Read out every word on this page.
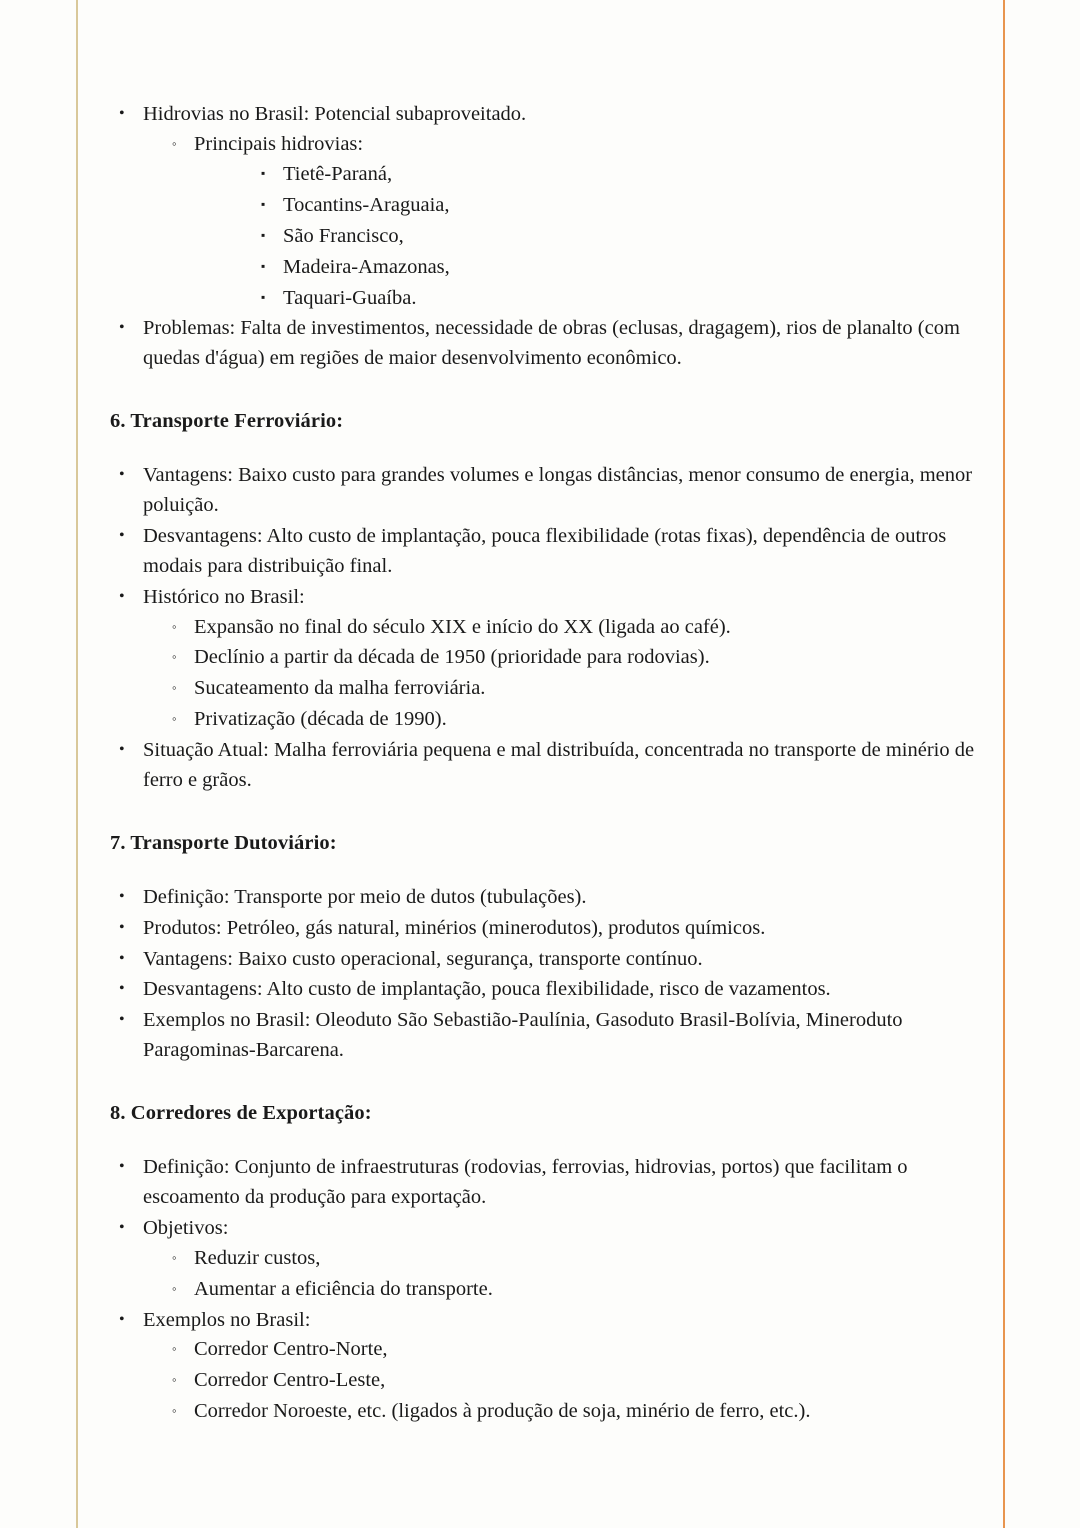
• Hidrovias no Brasil: Potencial subaproveitado.
◦ Principais hidrovias:
▪ Tietê-Paraná,
▪ Tocantins-Araguaia,
▪ São Francisco,
▪ Madeira-Amazonas,
▪ Taquari-Guaíba.
• Problemas: Falta de investimentos, necessidade de obras (eclusas, dragagem), rios de planalto (com quedas d'água) em regiões de maior desenvolvimento econômico.
6. Transporte Ferroviário:
• Vantagens: Baixo custo para grandes volumes e longas distâncias, menor consumo de energia, menor poluição.
• Desvantagens: Alto custo de implantação, pouca flexibilidade (rotas fixas), dependência de outros modais para distribuição final.
• Histórico no Brasil:
◦ Expansão no final do século XIX e início do XX (ligada ao café).
◦ Declínio a partir da década de 1950 (prioridade para rodovias).
◦ Sucateamento da malha ferroviária.
◦ Privatização (década de 1990).
• Situação Atual: Malha ferroviária pequena e mal distribuída, concentrada no transporte de minério de ferro e grãos.
7. Transporte Dutoviário:
• Definição: Transporte por meio de dutos (tubulações).
• Produtos: Petróleo, gás natural, minérios (minerodutos), produtos químicos.
• Vantagens: Baixo custo operacional, segurança, transporte contínuo.
• Desvantagens: Alto custo de implantação, pouca flexibilidade, risco de vazamentos.
• Exemplos no Brasil: Oleoduto São Sebastião-Paulínia, Gasoduto Brasil-Bolívia, Mineroduto Paragominas-Barcarena.
8. Corredores de Exportação:
• Definição: Conjunto de infraestruturas (rodovias, ferrovias, hidrovias, portos) que facilitam o escoamento da produção para exportação.
• Objetivos:
◦ Reduzir custos,
◦ Aumentar a eficiência do transporte.
• Exemplos no Brasil:
◦ Corredor Centro-Norte,
◦ Corredor Centro-Leste,
◦ Corredor Noroeste, etc. (ligados à produção de soja, minério de ferro, etc.).
